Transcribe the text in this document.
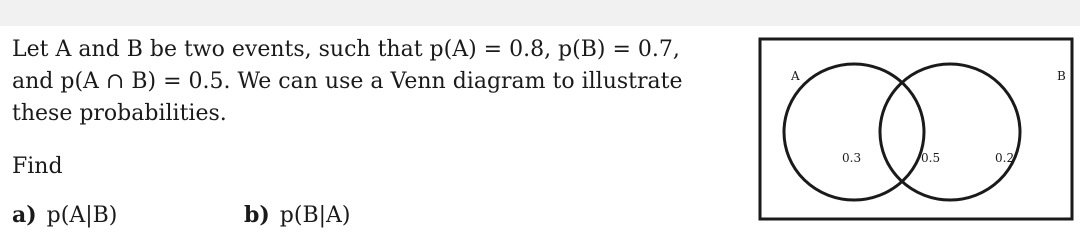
Let A and B be two events, such that p(A) = 0.8, p(B) = 0.7,
and p(A ∩ B) = 0.5. We can use a Venn diagram to illustrate
these probabilities.
Find
a) p(A|B)	b) p(B|A)
A	B
0.3	0.5	0.2
